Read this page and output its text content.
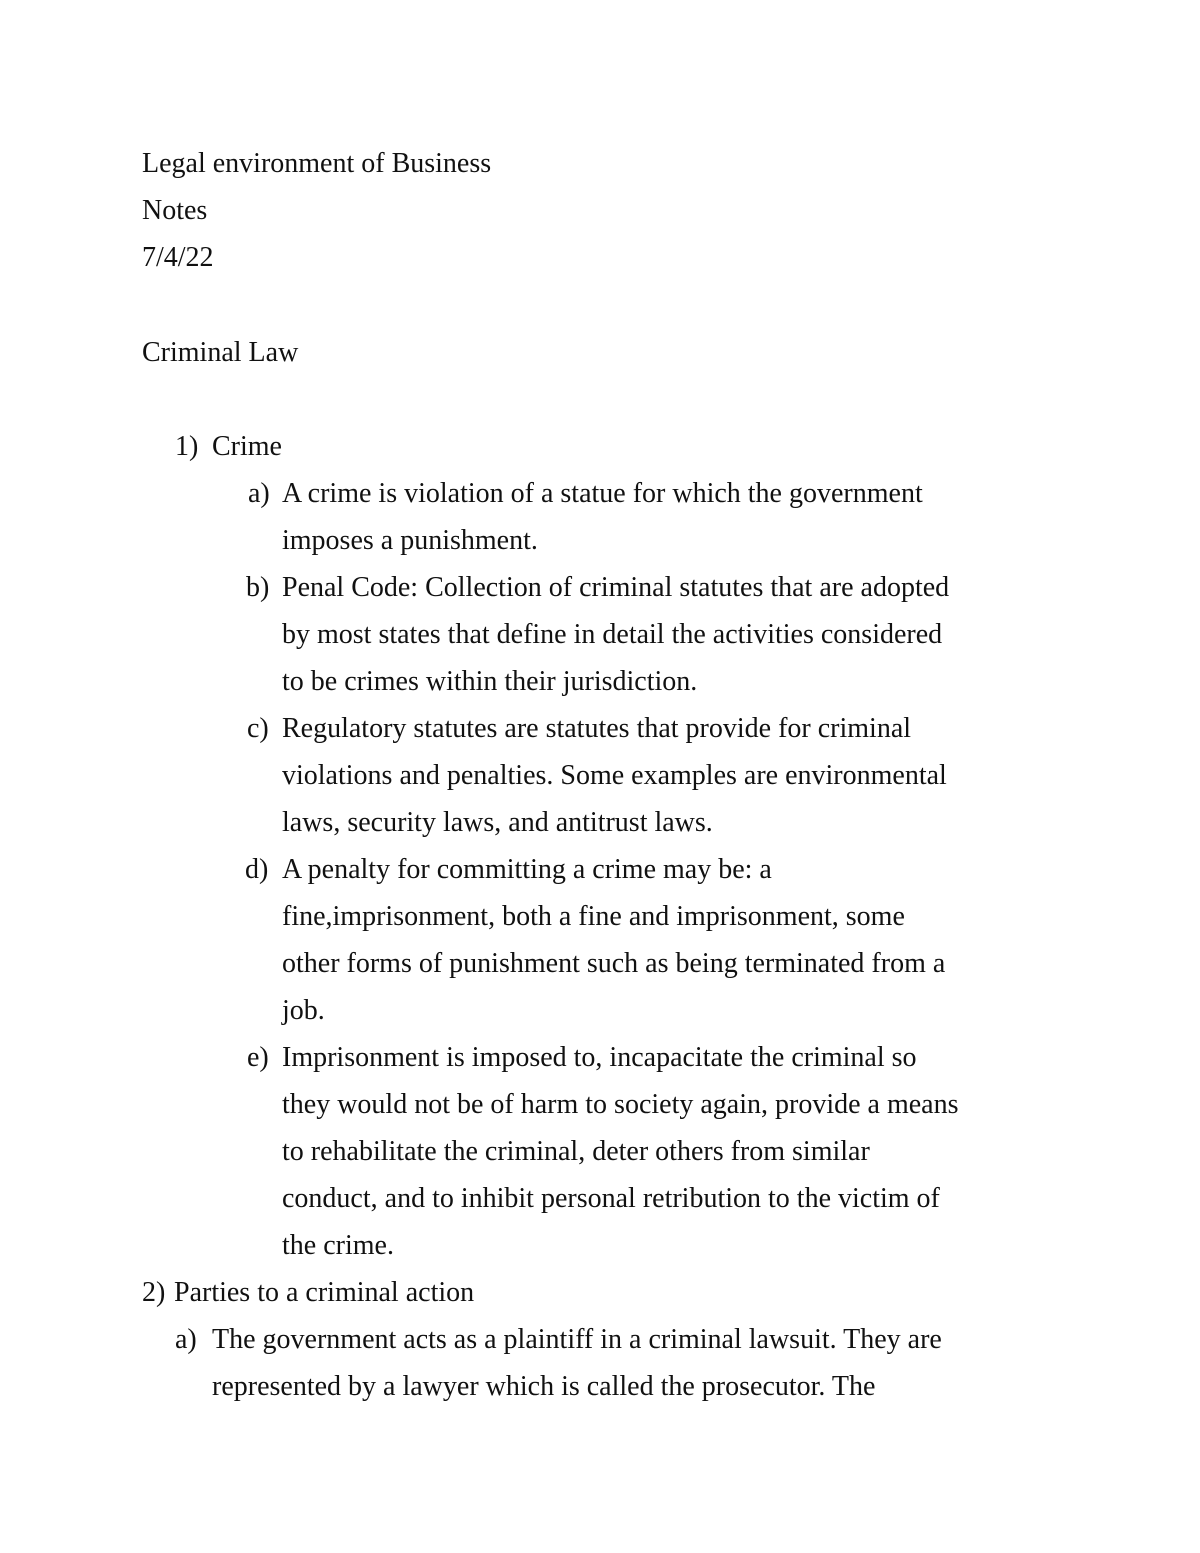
Legal environment of Business
Notes
7/4/22
Criminal Law
1) Crime
a) A crime is violation of a statue for which the government
imposes a punishment.
b) Penal Code: Collection of criminal statutes that are adopted
by most states that define in detail the activities considered
to be crimes within their jurisdiction.
c) Regulatory statutes are statutes that provide for criminal
violations and penalties. Some examples are environmental
laws, security laws, and antitrust laws.
d) A penalty for committing a crime may be: a
fine,imprisonment, both a fine and imprisonment, some
other forms of punishment such as being terminated from a
job.
e) Imprisonment is imposed to, incapacitate the criminal so
they would not be of harm to society again, provide a means
to rehabilitate the criminal, deter others from similar
conduct, and to inhibit personal retribution to the victim of
the crime.
2) Parties to a criminal action
a) The government acts as a plaintiff in a criminal lawsuit. They are
represented by a lawyer which is called the prosecutor. The
